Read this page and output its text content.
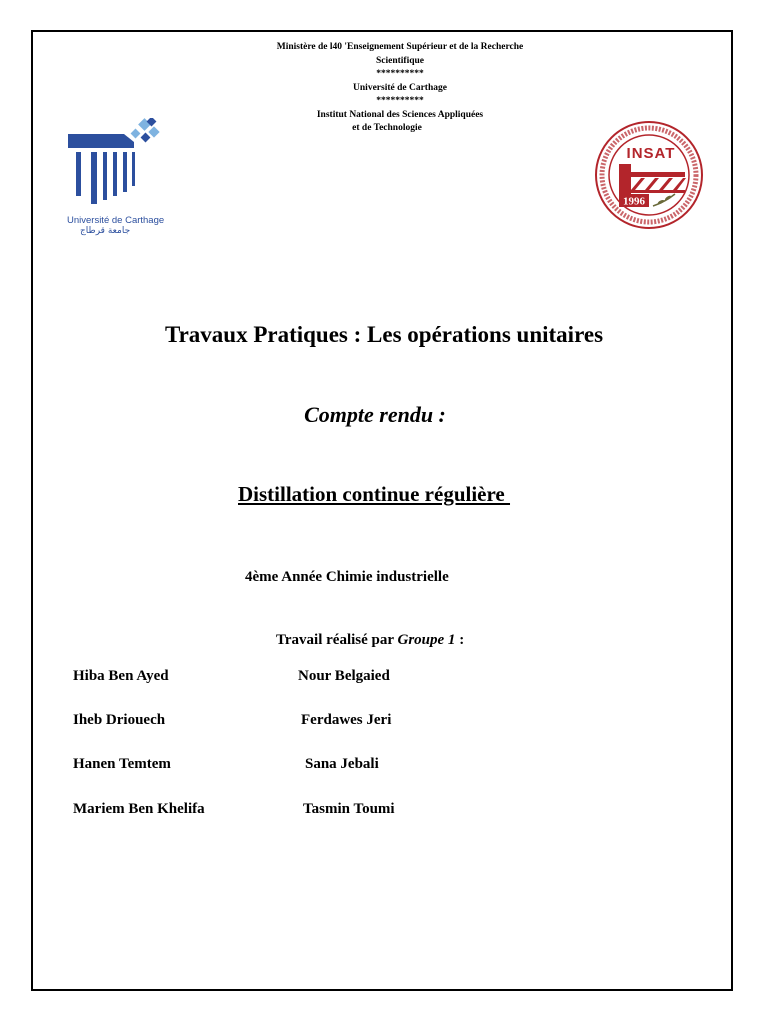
Ministère de l40 'Enseignement Supérieur et de la Recherche
Scientifique
**********
Université de Carthage
**********
Institut National des Sciences Appliquées
et de Technologie
Université de Carthage
جامعة قرطاج
INSAT
1996
Travaux Pratiques : Les opérations unitaires
Compte rendu :
Distillation continue régulière
4ème Année Chimie industrielle
Travail réalisé par Groupe 1 :
Hiba Ben Ayed
Iheb Driouech
Hanen Temtem
Mariem Ben Khelifa
Nour Belgaied
Ferdawes Jeri
Sana Jebali
Tasmin Toumi
